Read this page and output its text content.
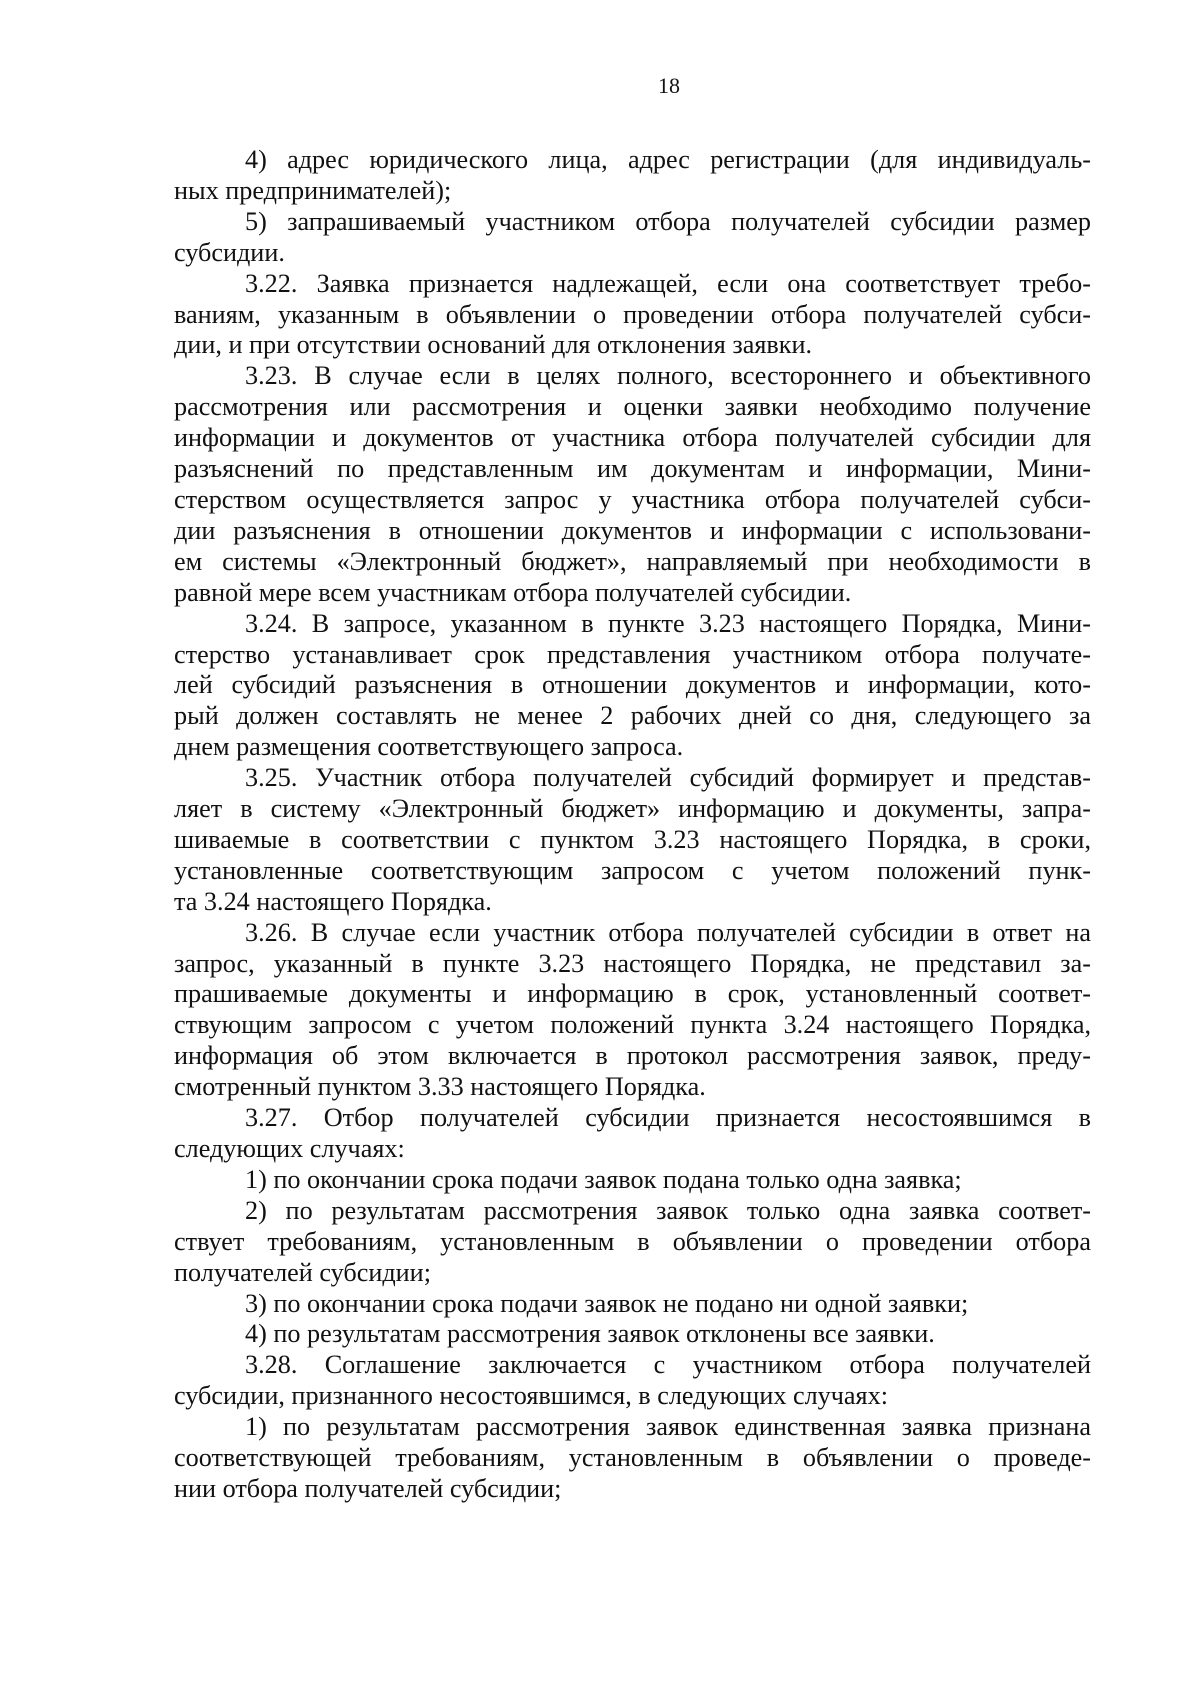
18
4) адрес юридического лица, адрес регистрации (для индивидуаль-
ных предпринимателей);
5) запрашиваемый участником отбора получателей субсидии размер
субсидии.
3.22. Заявка признается надлежащей, если она соответствует требо-
ваниям, указанным в объявлении о проведении отбора получателей субси-
дии, и при отсутствии оснований для отклонения заявки.
3.23. В случае если в целях полного, всестороннего и объективного
рассмотрения или рассмотрения и оценки заявки необходимо получение
информации и документов от участника отбора получателей субсидии для
разъяснений по представленным им документам и информации, Мини-
стерством осуществляется запрос у участника отбора получателей субси-
дии разъяснения в отношении документов и информации с использовани-
ем системы «Электронный бюджет», направляемый при необходимости в
равной мере всем участникам отбора получателей субсидии.
3.24. В запросе, указанном в пункте 3.23 настоящего Порядка, Мини-
стерство устанавливает срок представления участником отбора получате-
лей субсидий разъяснения в отношении документов и информации, кото-
рый должен составлять не менее 2 рабочих дней со дня, следующего за
днем размещения соответствующего запроса.
3.25. Участник отбора получателей субсидий формирует и представ-
ляет в систему «Электронный бюджет» информацию и документы, запра-
шиваемые в соответствии с пунктом 3.23 настоящего Порядка, в сроки,
установленные соответствующим запросом с учетом положений пунк-
та 3.24 настоящего Порядка.
3.26. В случае если участник отбора получателей субсидии в ответ на
запрос, указанный в пункте 3.23 настоящего Порядка, не представил за-
прашиваемые документы и информацию в срок, установленный соответ-
ствующим запросом с учетом положений пункта 3.24 настоящего Порядка,
информация об этом включается в протокол рассмотрения заявок, преду-
смотренный пунктом 3.33 настоящего Порядка.
3.27. Отбор получателей субсидии признается несостоявшимся в
следующих случаях:
1) по окончании срока подачи заявок подана только одна заявка;
2) по результатам рассмотрения заявок только одна заявка соответ-
ствует требованиям, установленным в объявлении о проведении отбора
получателей субсидии;
3) по окончании срока подачи заявок не подано ни одной заявки;
4) по результатам рассмотрения заявок отклонены все заявки.
3.28. Соглашение заключается с участником отбора получателей
субсидии, признанного несостоявшимся, в следующих случаях:
1) по результатам рассмотрения заявок единственная заявка признана
соответствующей требованиям, установленным в объявлении о проведе-
нии отбора получателей субсидии;
